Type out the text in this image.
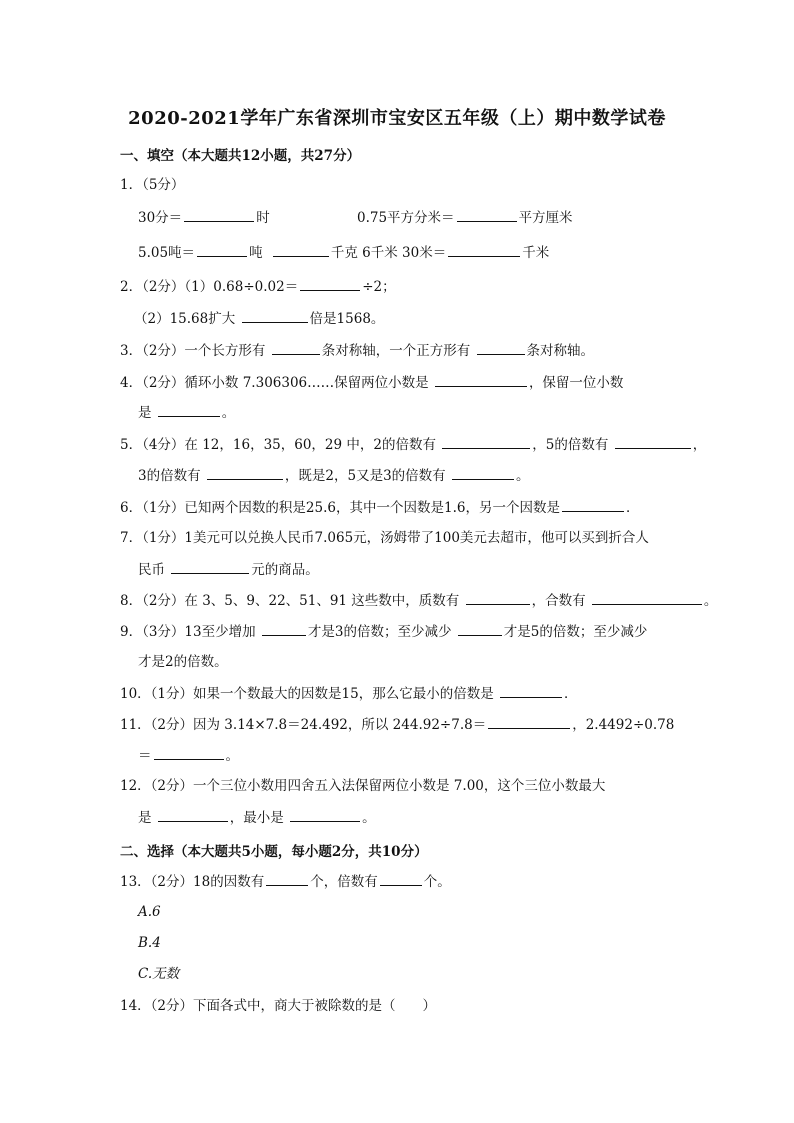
2020-2021学年广东省深圳市宝安区五年级（上）期中数学试卷
一、填空（本大题共12小题，共27分）
1．（5分）
30分＝	时	0.75平方分米＝	平方厘米
5.05吨＝	吨	千克 6千米 30米＝	千米
2．（2分）（1）0.68÷0.02＝	÷2；
（2）15.68扩大	倍是1568。
3．（2分）一个长方形有	条对称轴，一个正方形有	条对称轴。
4．（2分）循环小数 7.306306……保留两位小数是	，保留一位小数
是	。
5．（4分）在 12，16，35，60，29 中，2的倍数有	，5的倍数有	，
3的倍数有	，既是2，5又是3的倍数有	。
6．（1分）已知两个因数的积是25.6，其中一个因数是1.6，另一个因数是	．
7．（1分）1美元可以兑换人民币7.065元，汤姆带了100美元去超市，他可以买到折合人
民币	元的商品。
8．（2分）在 3、5、9、22、51、91 这些数中，质数有	，合数有	。
9．（3分）13至少增加	才是3的倍数；至少减少	才是5的倍数；至少减少
才是2的倍数。
10．（1分）如果一个数最大的因数是15，那么它最小的倍数是	．
11．（2分）因为 3.14×7.8＝24.492，所以 244.92÷7.8＝	，2.4492÷0.78
＝	。
12．（2分）一个三位小数用四舍五入法保留两位小数是 7.00，这个三位小数最大
是	，最小是	。
二、选择（本大题共5小题，每小题2分，共10分）
13．（2分）18的因数有	个，倍数有	个。
A.6
B.4
C.无数
14．（2分）下面各式中，商大于被除数的是（　　）
